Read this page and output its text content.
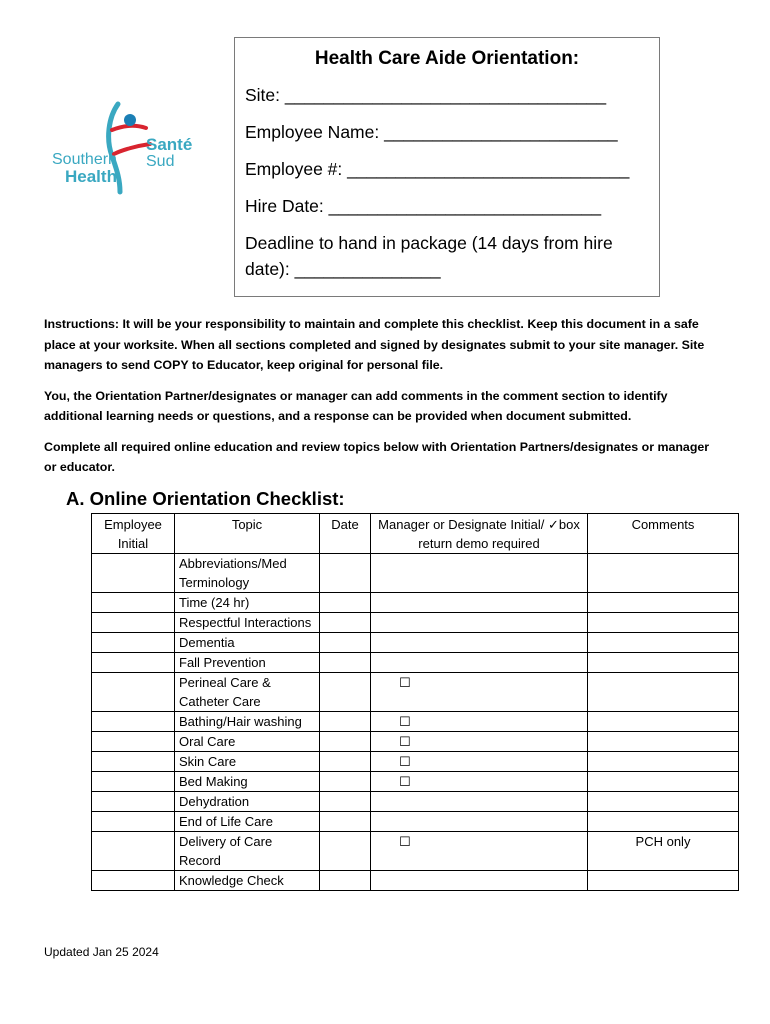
Southern
Health
Santé
Sud
Health Care Aide Orientation:
Site: _________________________________
Employee Name: ________________________
Employee #: _____________________________
Hire Date: ____________________________
Deadline to hand in package (14 days from hire date): _______________

Instructions: It will be your responsibility to maintain and complete this checklist. Keep this document in a safe place at your worksite. When all sections completed and signed by designates submit to your site manager. Site managers to send COPY to Educator, keep original for personal file.

You, the Orientation Partner/designates or manager can add comments in the comment section to identify additional learning needs or questions, and a response can be provided when document submitted.

Complete all required online education and review topics below with Orientation Partners/designates or manager or educator.

A. Online Orientation Checklist:
Employee Initial	Topic	Date	Manager or Designate Initial/ ✓box return demo required	Comments
	Abbreviations/Med Terminology			
	Time (24 hr)			
	Respectful Interactions			
	Dementia			
	Fall Prevention			
	Perineal Care & Catheter Care		☐	
	Bathing/Hair washing		☐	
	Oral Care		☐	
	Skin Care		☐	
	Bed Making		☐	
	Dehydration			
	End of Life Care			
	Delivery of Care Record		☐	PCH only
	Knowledge Check			
Updated Jan 25 2024
